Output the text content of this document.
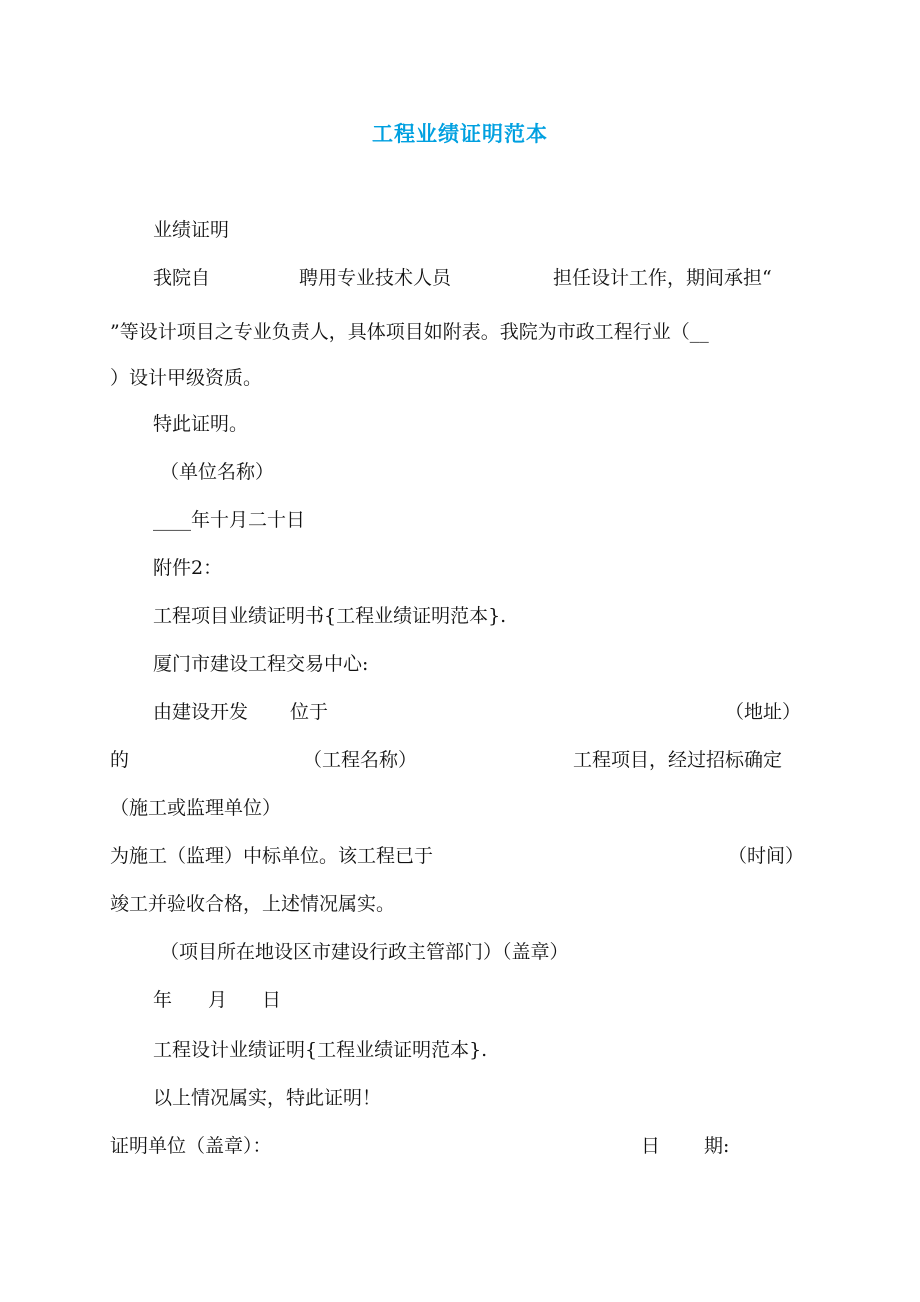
工程业绩证明范本
业绩证明
我院自	聘用专业技术人员	担任设计工作，期间承担“
”等设计项目之专业负责人，具体项目如附表。我院为市政工程行业（__
）设计甲级资质。
特此证明。
（单位名称）
____年十月二十日
附件2：
工程项目业绩证明书{工程业绩证明范本}.
厦门市建设工程交易中心:
由建设开发 位于	（地址）
的	（工程名称）	工程项目，经过招标确定
（施工或监理单位）
为施工（监理）中标单位。该工程已于	（时间）
竣工并验收合格，上述情况属实。
（项目所在地设区市建设行政主管部门）（盖章）
年 月 日
工程设计业绩证明{工程业绩证明范本}.
以上情况属实，特此证明！
证明单位（盖章）：	日 期:
